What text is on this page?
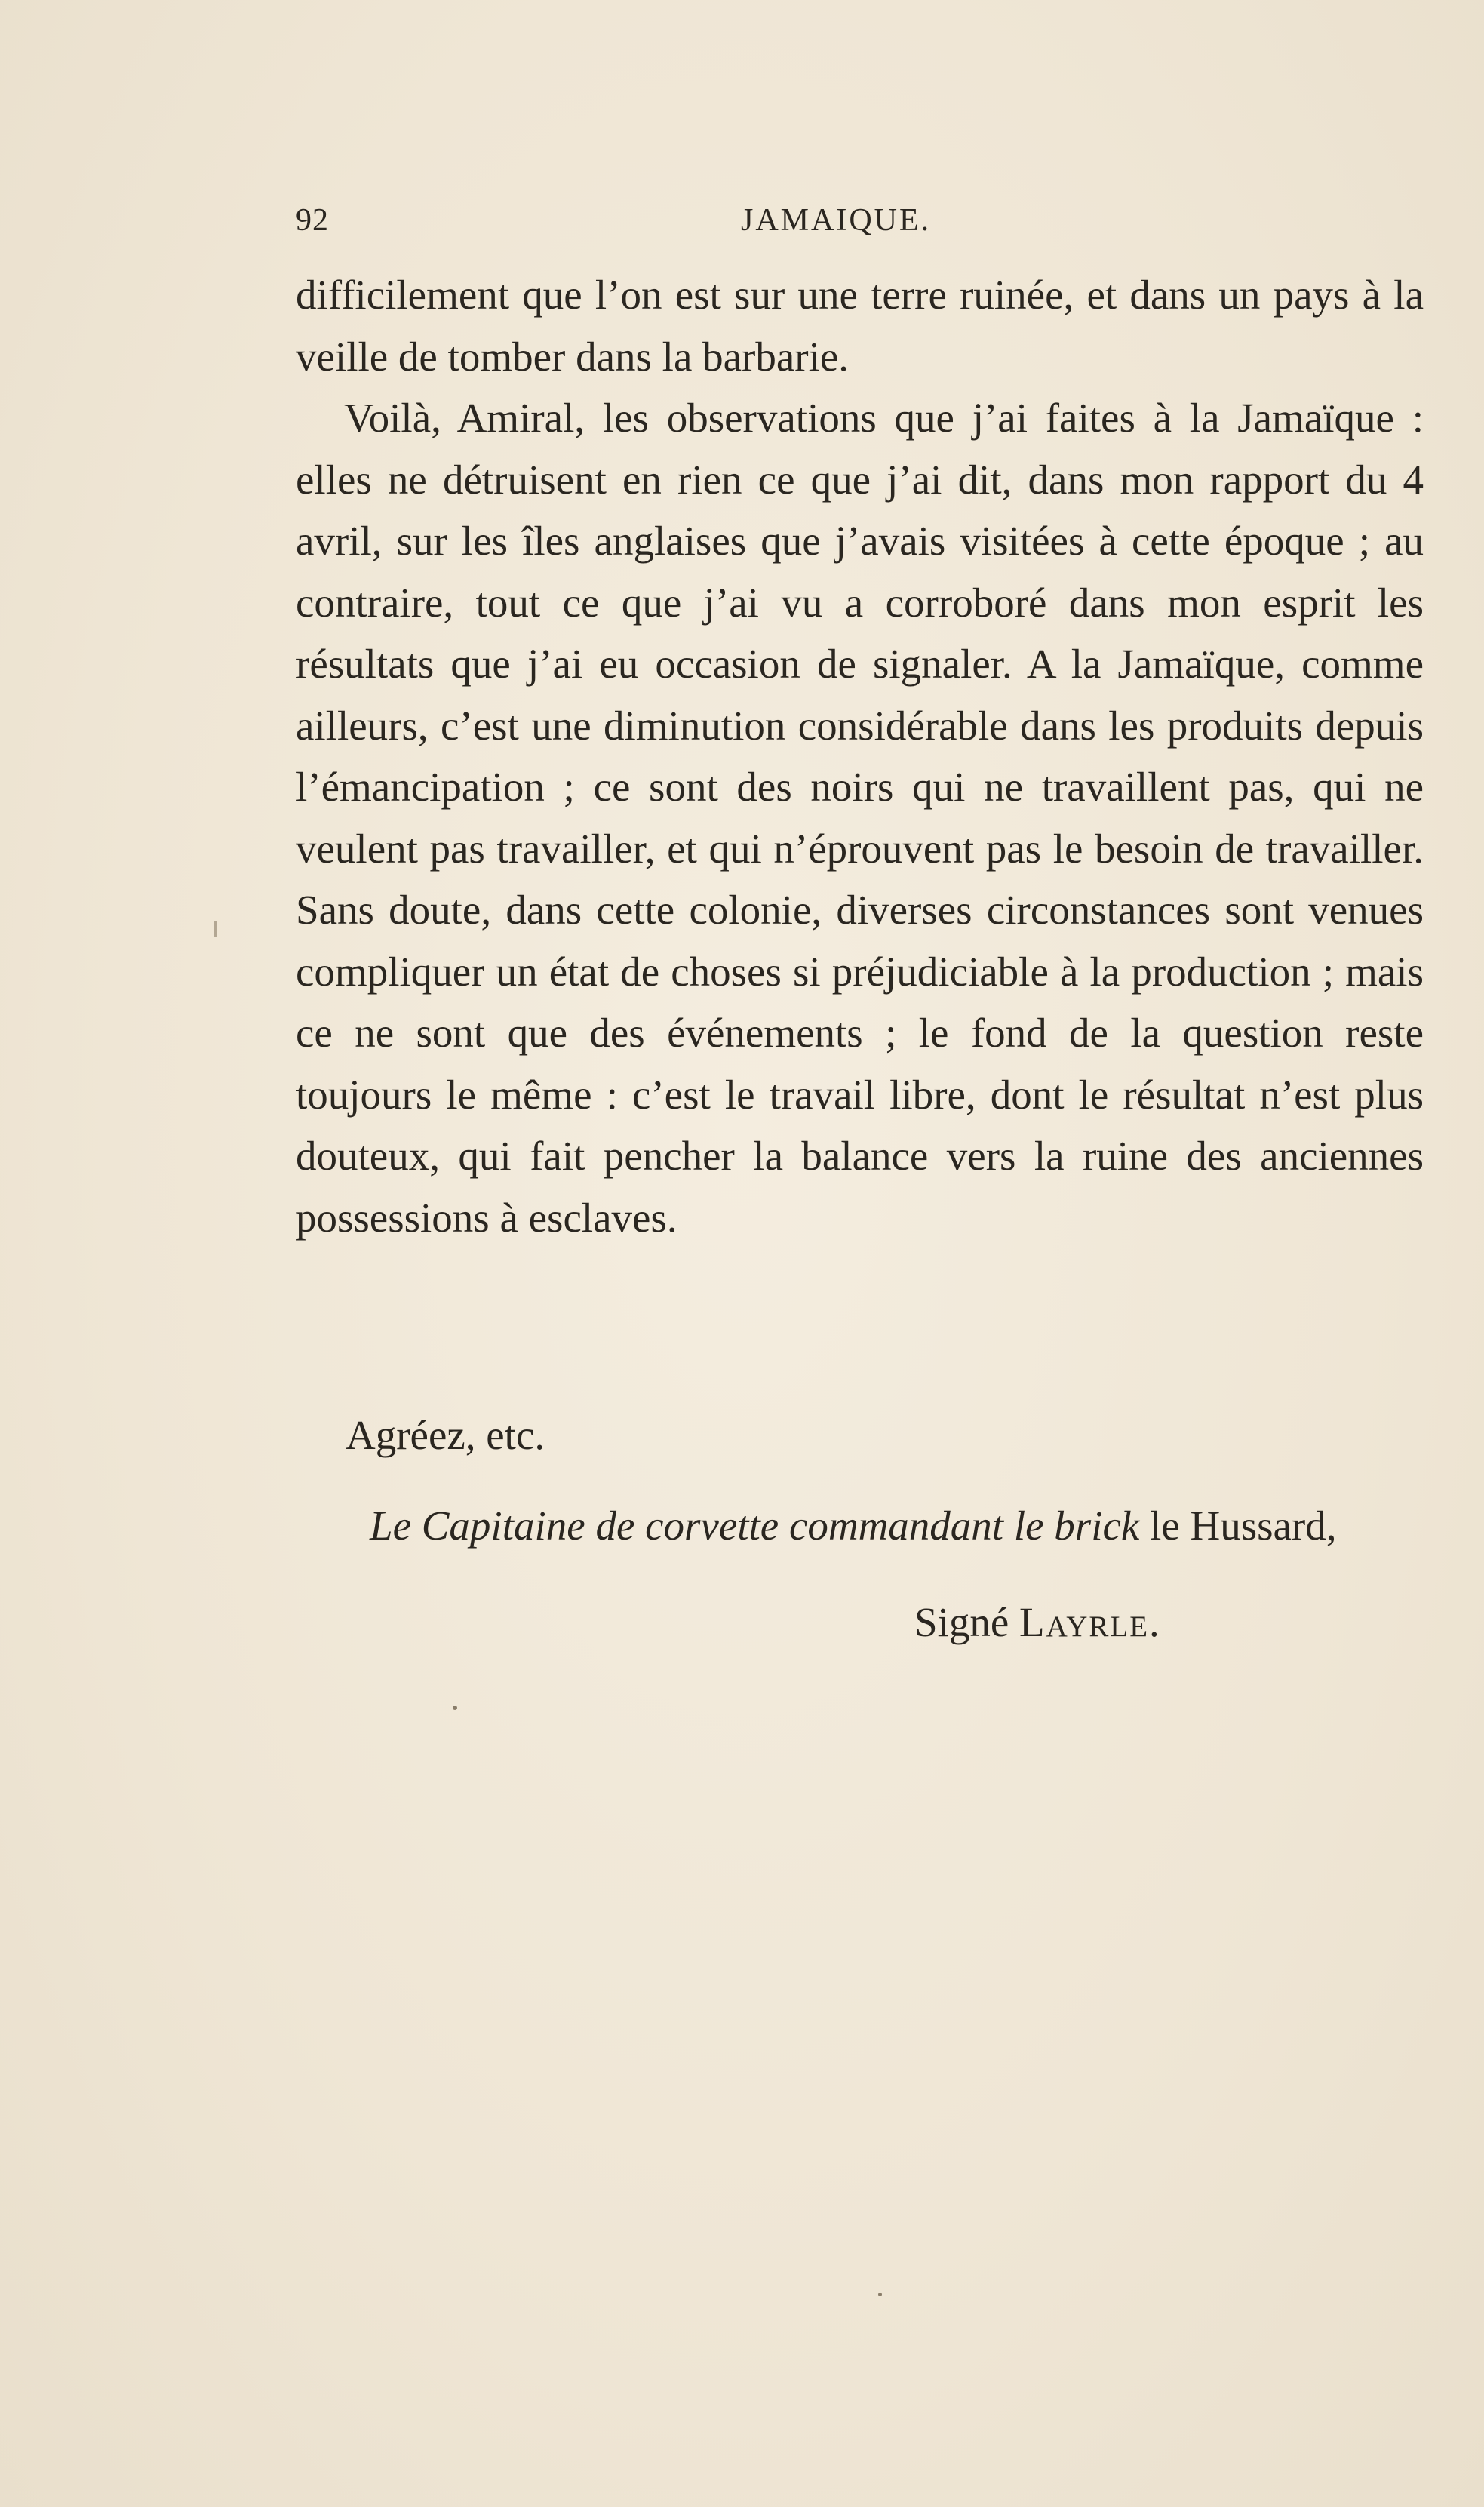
92	JAMAIQUE.

difficilement que l’on est sur une terre ruinée, et dans un pays à la veille de tomber dans la barbarie.

Voilà, Amiral, les observations que j’ai faites à la Jamaïque : elles ne détruisent en rien ce que j’ai dit, dans mon rapport du 4 avril, sur les îles anglaises que j’avais visitées à cette époque ; au contraire, tout ce que j’ai vu a corroboré dans mon esprit les résultats que j’ai eu occasion de signaler. A la Jamaïque, comme ailleurs, c’est une diminution considérable dans les produits depuis l’émancipation ; ce sont des noirs qui ne travaillent pas, qui ne veulent pas travailler, et qui n’éprouvent pas le besoin de travailler. Sans doute, dans cette colonie, diverses circonstances sont venues compliquer un état de choses si préjudiciable à la production ; mais ce ne sont que des événements ; le fond de la question reste toujours le même : c’est le travail libre, dont le résultat n’est plus douteux, qui fait pencher la balance vers la ruine des anciennes possessions à esclaves.

Agréez, etc.
Le Capitaine de corvette commandant le brick le Hussard,
Signé Layrle.
